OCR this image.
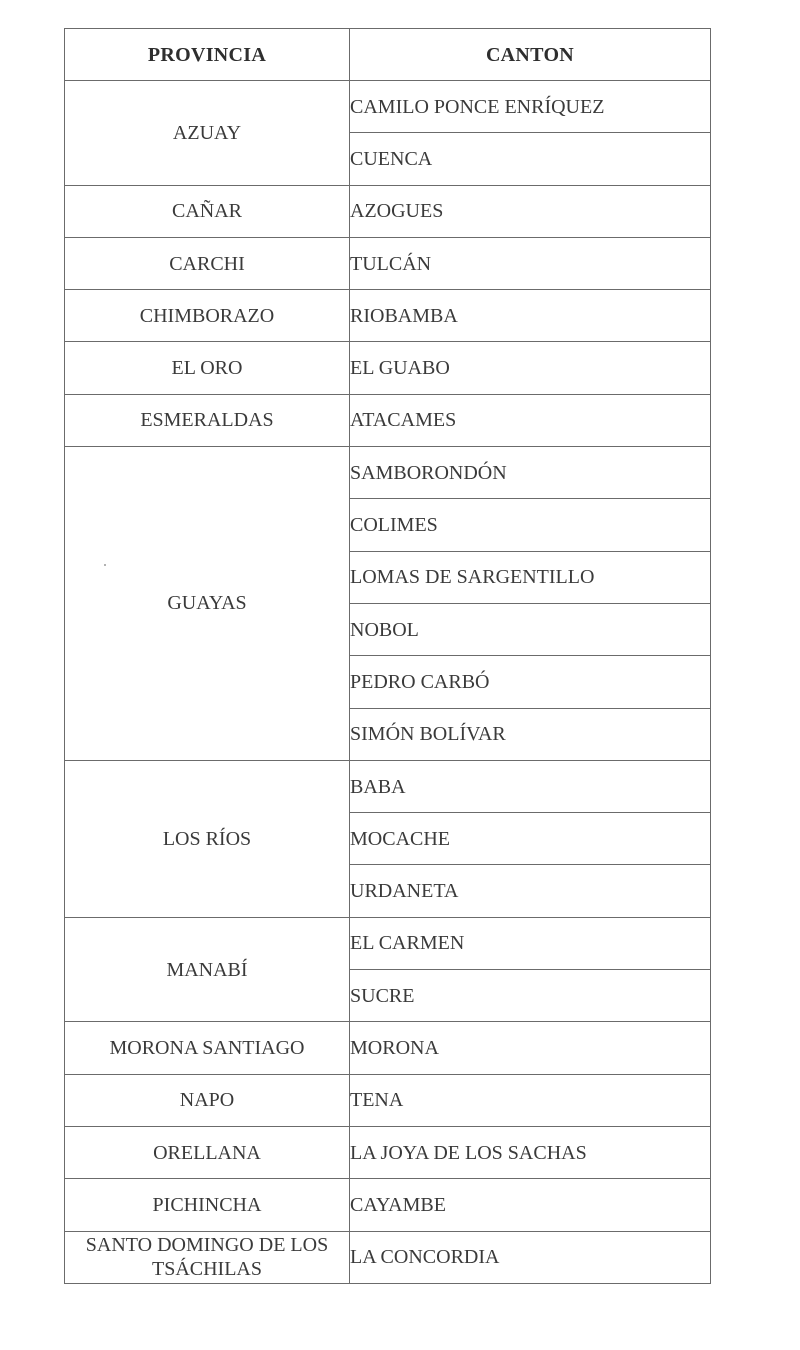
PROVINCIA	CANTON
AZUAY	CAMILO PONCE ENRÍQUEZ
	CUENCA
CAÑAR	AZOGUES
CARCHI	TULCÁN
CHIMBORAZO	RIOBAMBA
EL ORO	EL GUABO
ESMERALDAS	ATACAMES
GUAYAS	SAMBORONDÓN
	COLIMES
	LOMAS DE SARGENTILLO
	NOBOL
	PEDRO CARBÓ
	SIMÓN BOLÍVAR
LOS RÍOS	BABA
	MOCACHE
	URDANETA
MANABÍ	EL CARMEN
	SUCRE
MORONA SANTIAGO	MORONA
NAPO	TENA
ORELLANA	LA JOYA DE LOS SACHAS
PICHINCHA	CAYAMBE
SANTO DOMINGO DE LOS TSÁCHILAS	LA CONCORDIA
